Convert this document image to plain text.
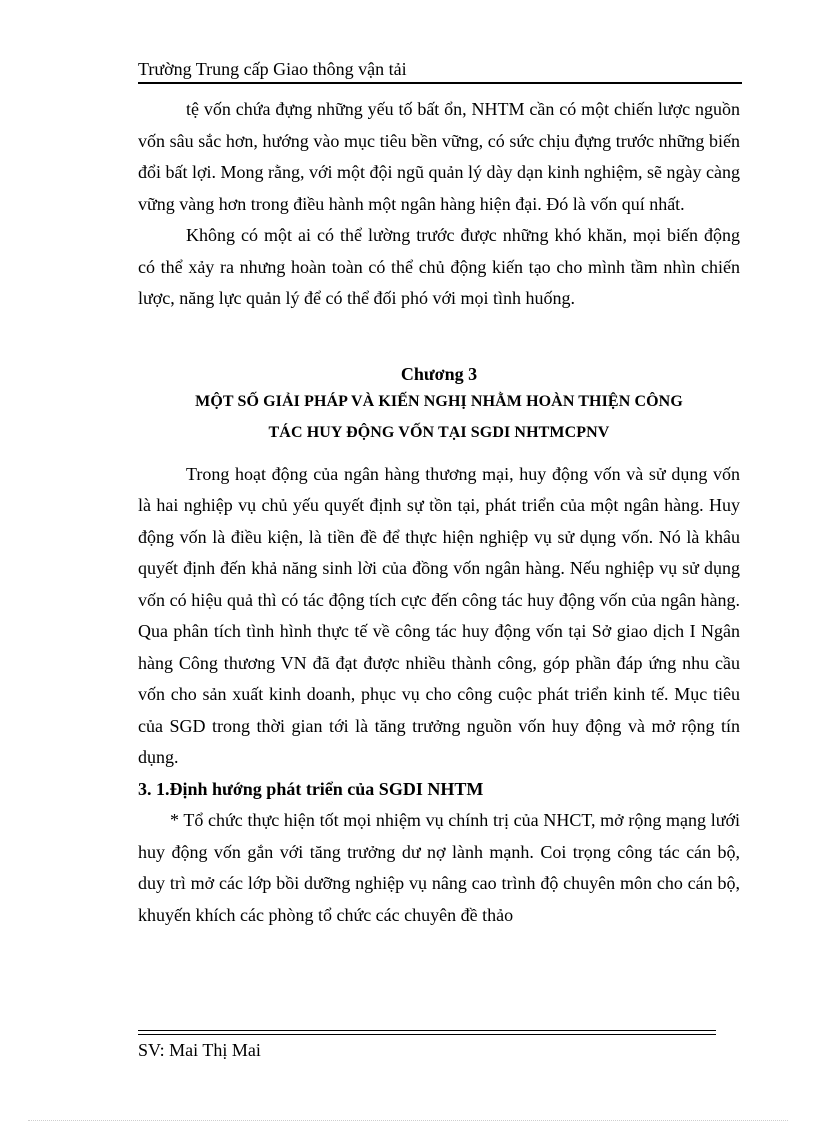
Trường Trung cấp Giao thông vận tải

tệ vốn chứa đựng những yếu tố bất ổn, NHTM cần có một chiến lược nguồn vốn sâu sắc hơn, hướng vào mục tiêu bền vững, có sức chịu đựng trước những biến đổi bất lợi. Mong rằng, với một đội ngũ quản lý dày dạn kinh nghiệm, sẽ ngày càng vững vàng hơn trong điều hành một ngân hàng hiện đại. Đó là vốn quí nhất.

Không có một ai có thể lường trước được những khó khăn, mọi biến động có thể xảy ra nhưng hoàn toàn có thể chủ động kiến tạo cho mình tầm nhìn chiến lược, năng lực quản lý để có thể đối phó với mọi tình huống.

Chương 3
MỘT SỐ GIẢI PHÁP VÀ KIẾN NGHỊ NHẰM HOÀN THIỆN CÔNG
TÁC HUY ĐỘNG VỐN TẠI SGDI NHTMCPNV

Trong hoạt động của ngân hàng thương mại, huy động vốn và sử dụng vốn là hai nghiệp vụ chủ yếu quyết định sự tồn tại, phát triển của một ngân hàng. Huy động vốn là điều kiện, là tiền đề để thực hiện nghiệp vụ sử dụng vốn. Nó là khâu quyết định đến khả năng sinh lời của đồng vốn ngân hàng. Nếu nghiệp vụ sử dụng vốn có hiệu quả thì có tác động tích cực đến công tác huy động vốn của ngân hàng. Qua phân tích tình hình thực tế về công tác huy động vốn tại Sở giao dịch I Ngân hàng Công thương VN đã đạt được nhiều thành công, góp phần đáp ứng nhu cầu vốn cho sản xuất kinh doanh, phục vụ cho công cuộc phát triển kinh tế. Mục tiêu của SGD trong thời gian tới là tăng trưởng nguồn vốn huy động và mở rộng tín dụng.

3. 1.Định hướng phát triển của SGDI NHTM

* Tổ chức thực hiện tốt mọi nhiệm vụ chính trị của NHCT, mở rộng mạng lưới huy động vốn gắn với tăng trưởng dư nợ lành mạnh. Coi trọng công tác cán bộ, duy trì mở các lớp bồi dưỡng nghiệp vụ nâng cao trình độ chuyên môn cho cán bộ, khuyến khích các phòng tổ chức các chuyên đề thảo

SV: Mai Thị Mai
